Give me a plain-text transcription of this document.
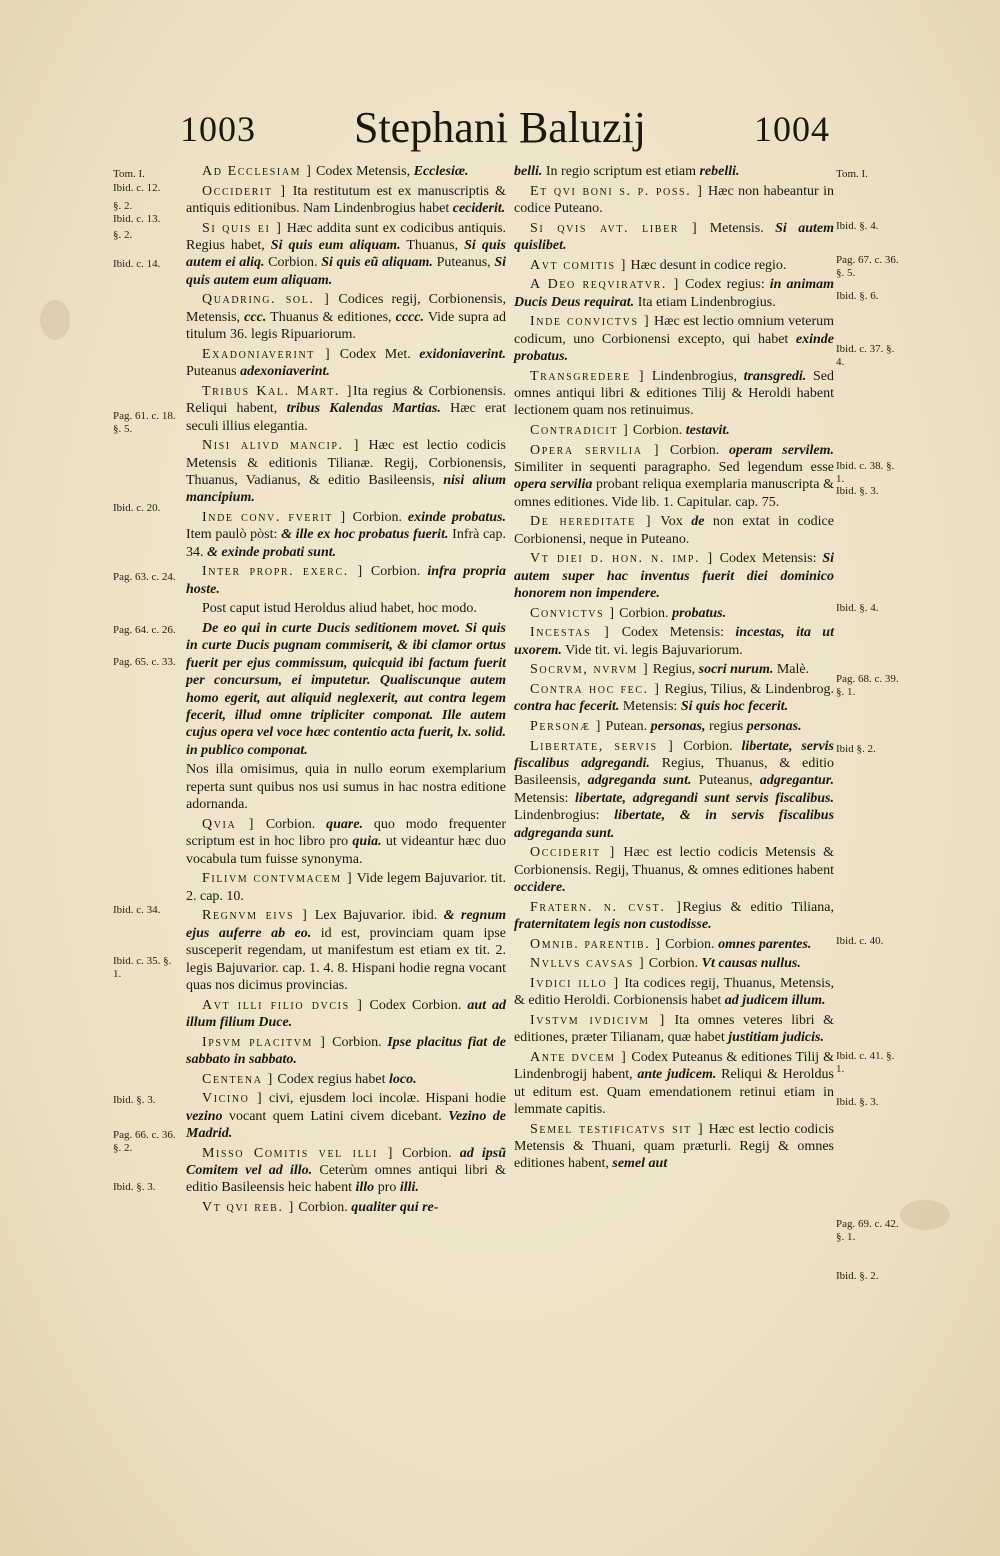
1003	Stephani Baluzij	1004

Ad Ecclesiam ] Codex Metensis, Ecclesiæ.

Occiderit ] Ita restitutum est ex manuscriptis & antiquis editionibus. Nam Lindenbrogius habet ceciderit.

Si quis ei ] Hæc addita sunt ex codicibus antiquis. Regius habet, Si quis eum aliquam. Thuanus, Si quis autem ei aliq. Corbion. Si quis eũ aliquam. Puteanus, Si quis autem eum aliquam.

Quadring. sol. ] Codices regij, Corbionensis, Metensis, ccc. Thuanus & editiones, cccc. Vide supra ad titulum 36. legis Ripuariorum.

Exadoniaverint ] Codex Met. exidoniaverint. Puteanus adexoniaverint.

Tribus Kal. Mart. ]Ita regius & Corbionensis. Reliqui habent, tribus Kalendas Martias. Hæc erat seculi illius elegantia.

Nisi alivd mancip. ] Hæc est lectio codicis Metensis & editionis Tilianæ. Regij, Corbionensis, Thuanus, Vadianus, & editio Basileensis, nisi alium mancipium.

Inde conv. fverit ] Corbion. exinde probatus. Item paulò pòst: & ille ex hoc probatus fuerit. Infrà cap. 34. & exinde probati sunt.

Inter propr. exerc. ] Corbion. infra propria hoste.

Post caput istud Heroldus aliud habet, hoc modo.

De eo qui in curte Ducis seditionem movet. Si quis in curte Ducis pugnam commiserit, & ibi clamor ortus fuerit per ejus commissum, quicquid ibi factum fuerit per concursum, ei imputetur. Qualiscunque autem homo egerit, aut aliquid neglexerit, aut contra legem fecerit, illud omne tripliciter componat. Ille autem cujus opera vel voce hæc contentio acta fuerit, lx. solid. in publico componat.

Nos illa omisimus, quia in nullo eorum exemplarium reperta sunt quibus nos usi sumus in hac nostra editione adornanda.

Qvia ] Corbion. quare. quo modo frequenter scriptum est in hoc libro pro quia. ut videantur hæc duo vocabula tum fuisse synonyma.

Filivm contvmacem ] Vide legem Bajuvarior. tit. 2. cap. 10.

Regnvm eivs ] Lex Bajuvarior. ibid. & regnum ejus auferre ab eo. id est, provinciam quam ipse susceperit regendam, ut manifestum est etiam ex tit. 2. legis Bajuvarior. cap. 1. 4. 8. Hispani hodie regna vocant quas nos dicimus provincias.

Avt illi filio dvcis ] Codex Corbion. aut ad illum filium Duce.

Ipsvm placitvm ] Corbion. Ipse placitus fiat de sabbato in sabbato.

Centena ] Codex regius habet loco.

Vicino ] civi, ejusdem loci incolæ. Hispani hodie vezino vocant quem Latini civem dicebant. Vezino de Madrid.

Misso Comitis vel illi ] Corbion. ad ipsũ Comitem vel ad illo. Ceterùm omnes antiqui libri & editio Basileensis heic habent illo pro illi.

Vt qvi reb. ] Corbion. qualiter qui re-

belli. In regio scriptum est etiam rebelli.

Et qvi boni s. p. poss. ] Hæc non habeantur in codice Puteano.

Si qvis avt. liber ] Metensis. Si autem quislibet.

Avt comitis ] Hæc desunt in codice regio.

A Deo reqviratvr. ] Codex regius: in animam Ducis Deus requirat. Ita etiam Lindenbrogius.

Inde convictvs ] Hæc est lectio omnium veterum codicum, uno Corbionensi excepto, qui habet exinde probatus.

Transgredere ] Lindenbrogius, transgredi. Sed omnes antiqui libri & editiones Tilij & Heroldi habent lectionem quam nos retinuimus.

Contradicit ] Corbion. testavit.

Opera servilia ] Corbion. operam servilem. Similiter in sequenti paragrapho. Sed legendum esse opera servilia probant reliqua exemplaria manuscripta & omnes editiones. Vide lib. 1. Capitular. cap. 75.

De hereditate ] Vox de non extat in codice Corbionensi, neque in Puteano.

Vt diei d. hon. n. imp. ] Codex Metensis: Si autem super hac inventus fuerit diei dominico honorem non impendere.

Convictvs ] Corbion. probatus.

Incestas ] Codex Metensis: incestas, ita ut uxorem. Vide tit. vi. legis Bajuvariorum.

Socrvm, nvrvm ] Regius, socri nurum. Malè.

Contra hoc fec. ] Regius, Tilius, & Lindenbrog. contra hac fecerit. Metensis: Si quis hoc fecerit.

Personæ ] Putean. personas, regius personas.

Libertate, servis ] Corbion. libertate, servis fiscalibus adgregandi. Regius, Thuanus, & editio Basileensis, adgreganda sunt. Puteanus, adgregantur. Metensis: libertate, adgregandi sunt servis fiscalibus. Lindenbrogius: libertate, & in servis fiscalibus adgreganda sunt.

Occiderit ] Hæc est lectio codicis Metensis & Corbionensis. Regij, Thuanus, & omnes editiones habent occidere.

Fratern. n. cvst. ]Regius & editio Tiliana, fraternitatem legis non custodisse.

Omnib. parentib. ] Corbion. omnes parentes.

Nvllvs cavsas ] Corbion. Vt causas nullus.

Ivdici illo ] Ita codices regij, Thuanus, Metensis, & editio Heroldi. Corbionensis habet ad judicem illum.

Ivstvm ivdicivm ] Ita omnes veteres libri & editiones, præter Tilianam, quæ habet justitiam judicis.

Ante dvcem ] Codex Puteanus & editiones Tilij & Lindenbrogij habent, ante judicem. Reliqui & Heroldus ut editum est. Quam emendationem retinui etiam in lemmate capitis.

Semel testificatvs sit ] Hæc est lectio codicis Metensis & Thuani, quam præturli. Regij & omnes editiones habent, semel aut

Tom. I.
Ibid. c. 12.
§. 2.
Ibid. c. 13.
§. 2.
Ibid. c. 14.
Pag. 61. c. 18. §. 5.
Ibid. c. 20.
Pag. 63. c. 24.
Pag. 64. c. 26.
Pag. 65. c. 33.
Ibid. c. 34.
Ibid. c. 35. §. 1.
Ibid. §. 3.
Pag. 66. c. 36. §. 2.
Ibid. §. 3.
Tom. I.
Ibid. §. 4.
Pag. 67. c. 36. §. 5.
Ibid. §. 6.
Ibid. c. 37. §. 4.
Ibid. c. 38. §. 1.
Ibid. §. 3.
Ibid. §. 4.
Pag. 68. c. 39. §. 1.
Ibid §. 2.
Ibid. c. 40.
Ibid. c. 41. §. 1.
Ibid. §. 3.
Pag. 69. c. 42. §. 1.
Ibid. §. 2.
